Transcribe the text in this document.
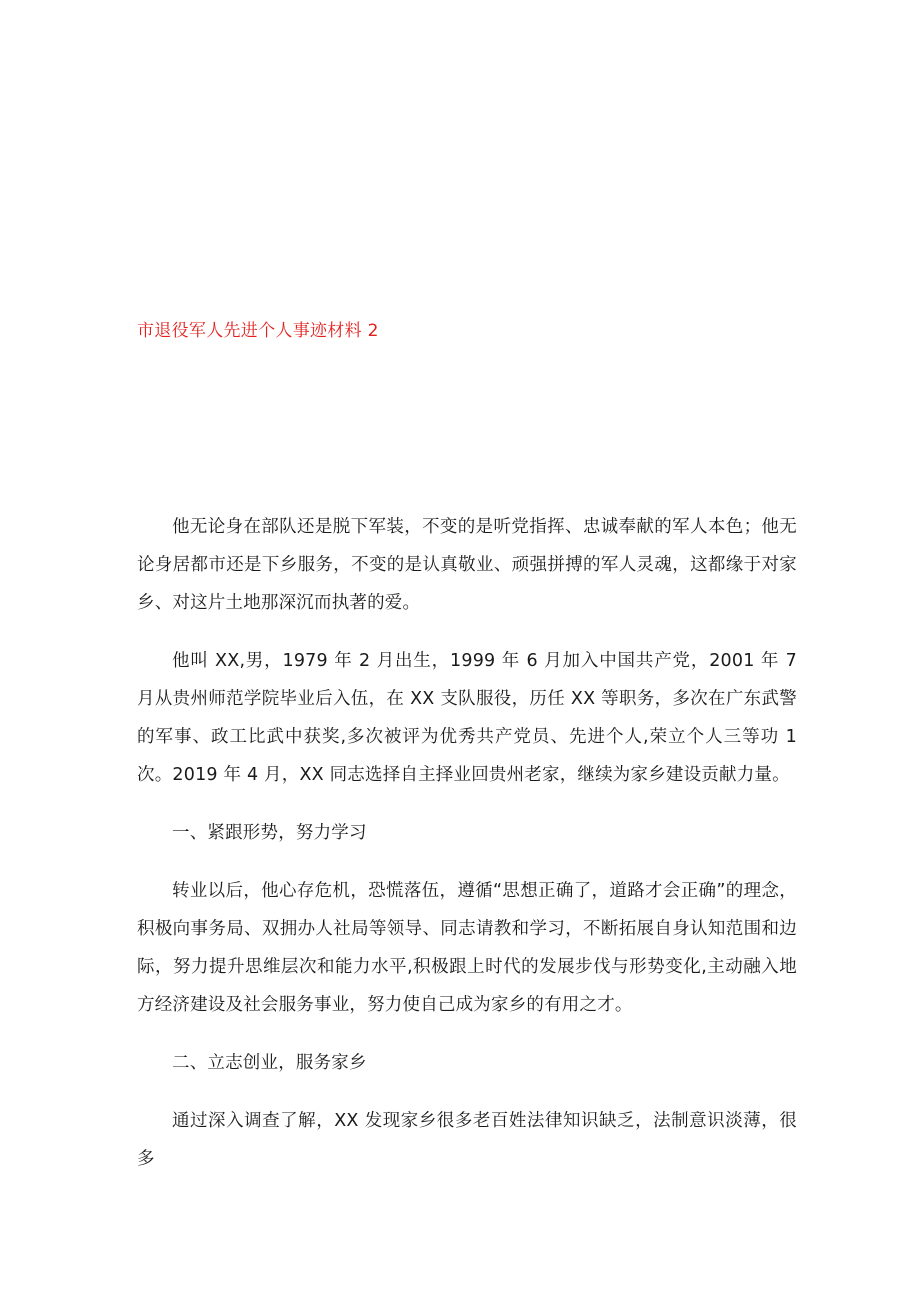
市退役军人先进个人事迹材料 2

他无论身在部队还是脱下军装，不变的是听党指挥、忠诚奉献的军人本色；他无论身居都市还是下乡服务，不变的是认真敬业、顽强拼搏的军人灵魂，这都缘于对家乡、对这片土地那深沉而执著的爱。

他叫 XX,男，1979 年 2 月出生，1999 年 6 月加入中国共产党，2001 年 7 月从贵州师范学院毕业后入伍，在 XX 支队服役，历任 XX 等职务，多次在广东武警的军事、政工比武中获奖,多次被评为优秀共产党员、先进个人,荣立个人三等功 1 次。2019 年 4 月，XX 同志选择自主择业回贵州老家，继续为家乡建设贡献力量。

一、紧跟形势，努力学习

转业以后，他心存危机，恐慌落伍，遵循“思想正确了，道路才会正确”的理念，积极向事务局、双拥办人社局等领导、同志请教和学习，不断拓展自身认知范围和边际，努力提升思维层次和能力水平,积极跟上时代的发展步伐与形势变化,主动融入地方经济建设及社会服务事业，努力使自己成为家乡的有用之才。

二、立志创业，服务家乡

通过深入调查了解，XX 发现家乡很多老百姓法律知识缺乏，法制意识淡薄，很多
